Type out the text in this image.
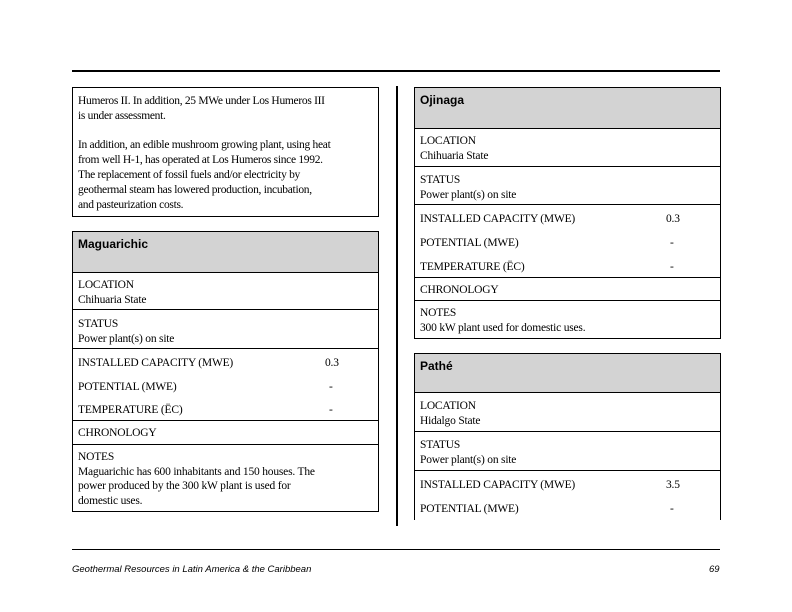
Humeros II. In addition, 25 MWe under Los Humeros III
is under assessment.

In addition, an edible mushroom growing plant, using heat
from well H-1, has operated at Los Humeros since 1992.
The replacement of fossil fuels and/or electricity by
geothermal steam has lowered production, incubation,
and pasteurization costs.

Maguarichic
LOCATION
Chihuaria State
STATUS
Power plant(s) on site
INSTALLED CAPACITY (MWE)	0.3
POTENTIAL (MWE)	-
TEMPERATURE (ЁC)	-
CHRONOLOGY
NOTES
Maguarichic has 600 inhabitants and 150 houses. The
power produced by the 300 kW plant is used for
domestic uses.
Ojinaga
LOCATION
Chihuaria State
STATUS
Power plant(s) on site
INSTALLED CAPACITY (MWE)	0.3
POTENTIAL (MWE)	-
TEMPERATURE (ЁC)	-
CHRONOLOGY
NOTES
300 kW plant used for domestic uses.
Pathé
LOCATION
Hidalgo State
STATUS
Power plant(s) on site
INSTALLED CAPACITY (MWE)	3.5
POTENTIAL (MWE)	-
Geothermal Resources in Latin America & the Caribbean	69
